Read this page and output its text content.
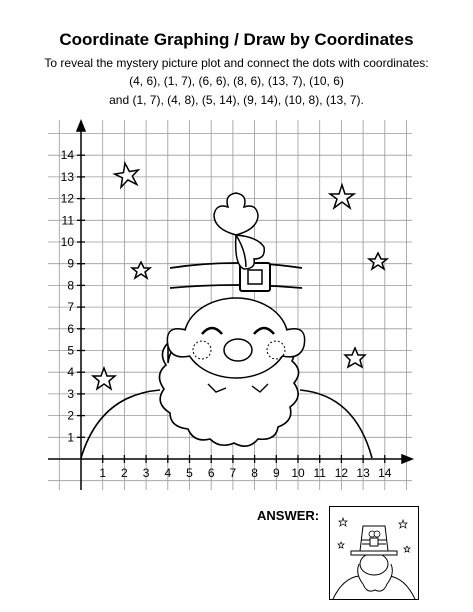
Coordinate Graphing / Draw by Coordinates
To reveal the mystery picture plot and connect the dots with coordinates:
(4, 6), (1, 7), (6, 6), (8, 6), (13, 7), (10, 6)
and (1, 7), (4, 8), (5, 14), (9, 14), (10, 8), (13, 7).
1 2 3 4 5 6 7 8 9 10 11 12 13 14
1
2
3
4
5
6
7
8
9
10
11
12
13
14
ANSWER:
